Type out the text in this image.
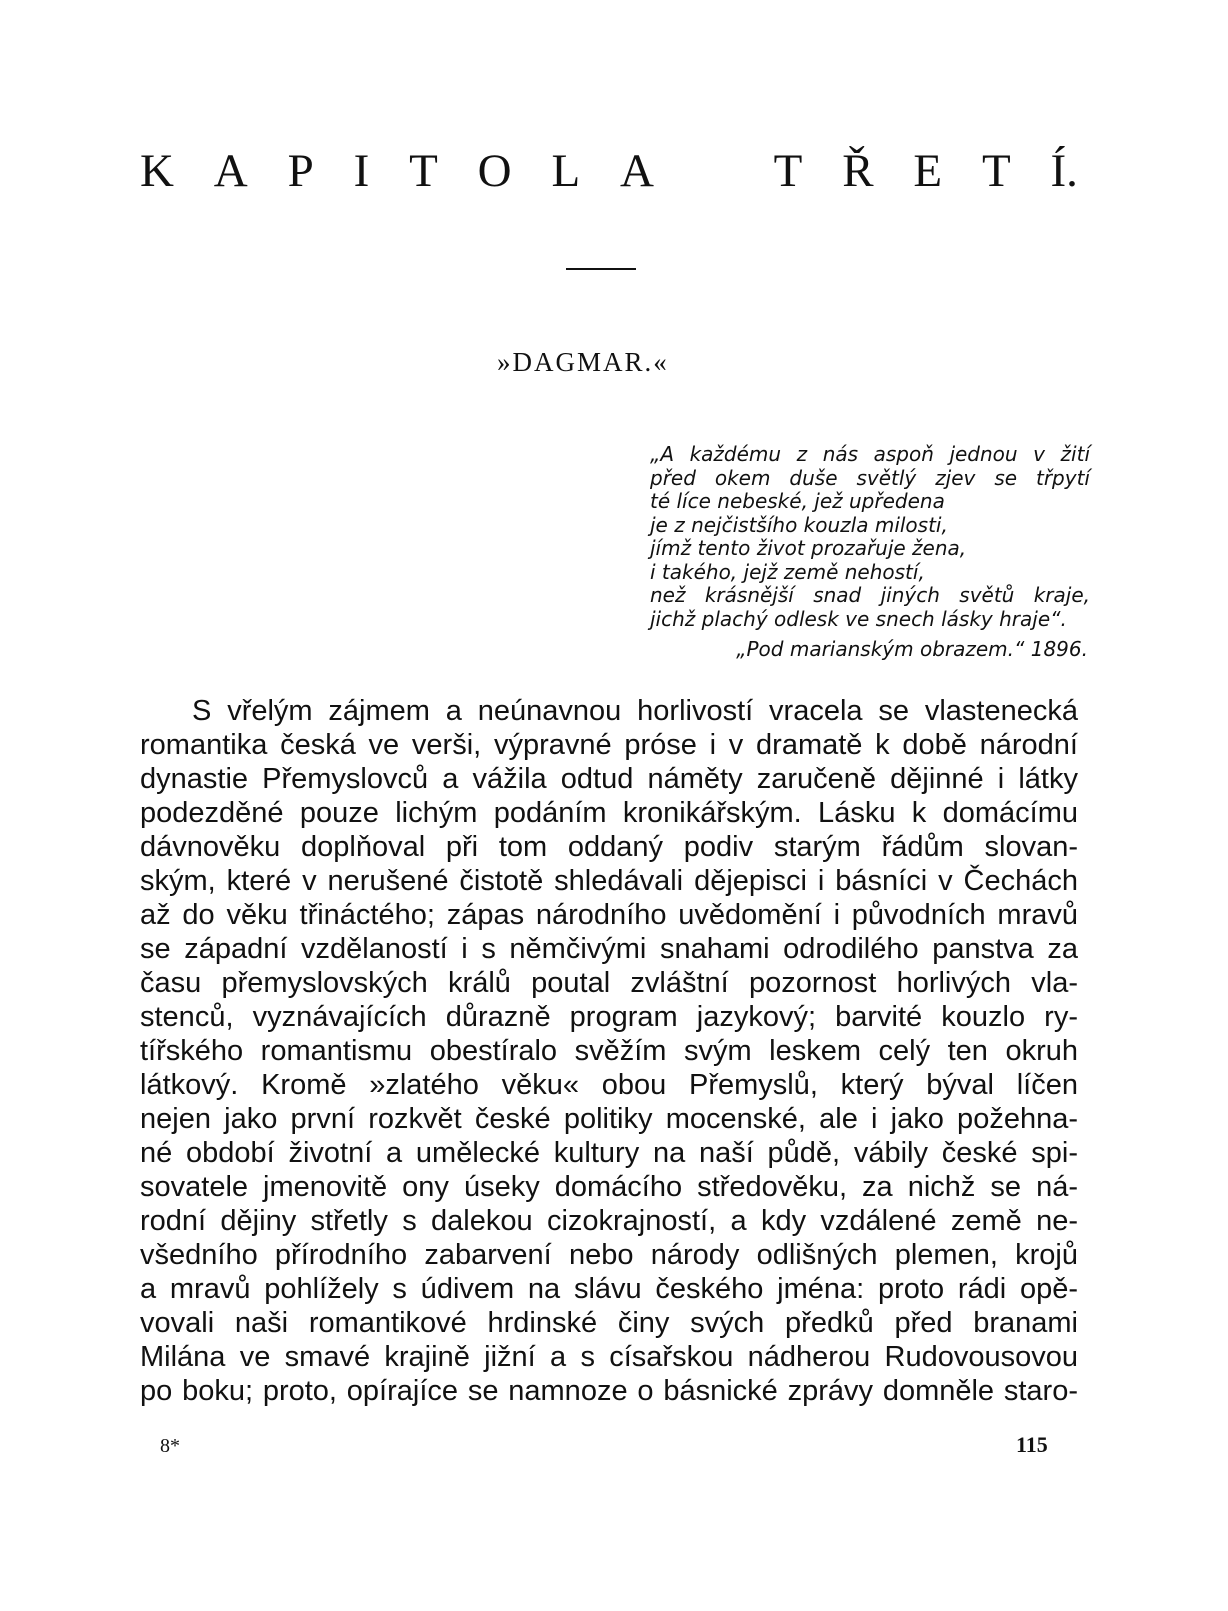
K A P I T O L A	T Ř E T Í.
»DAGMAR.«
„A každému z nás aspoň jednou v žití
před okem duše světlý zjev se třpytí
té líce nebeské, jež upředena
je z nejčistšího kouzla milosti,
jímž tento život prozařuje žena,
i takého, jejž země nehostí,
než krásnější snad jiných světů kraje,
jichž plachý odlesk ve snech lásky hraje“.
„Pod marianským obrazem.“ 1896.
S vřelým zájmem a neúnavnou horlivostí vracela se vlastenecká
romantika česká ve verši, výpravné próse i v dramatě k době národní
dynastie Přemyslovců a vážila odtud náměty zaručeně dějinné i látky
podezděné pouze lichým podáním kronikářským. Lásku k domácímu
dávnověku doplňoval při tom oddaný podiv starým řádům slovan-
ským, které v nerušené čistotě shledávali dějepisci i básníci v Čechách
až do věku třináctého; zápas národního uvědomění i původních mravů
se západní vzdělaností i s němčivými snahami odrodilého panstva za
času přemyslovských králů poutal zvláštní pozornost horlivých vla-
stenců, vyznávajících důrazně program jazykový; barvité kouzlo ry-
tířského romantismu obestíralo svěžím svým leskem celý ten okruh
látkový. Kromě »zlatého věku« obou Přemyslů, který býval líčen
nejen jako první rozkvět české politiky mocenské, ale i jako požehna-
né období životní a umělecké kultury na naší půdě, vábily české spi-
sovatele jmenovitě ony úseky domácího středověku, za nichž se ná-
rodní dějiny střetly s dalekou cizokrajností, a kdy vzdálené země ne-
všedního přírodního zabarvení nebo národy odlišných plemen, krojů
a mravů pohlížely s údivem na slávu českého jména: proto rádi opě-
vovali naši romantikové hrdinské činy svých předků před branami
Milána ve smavé krajině jižní a s císařskou nádherou Rudovousovou
po boku; proto, opírajíce se namnoze o básnické zprávy domněle staro-
8*	115
